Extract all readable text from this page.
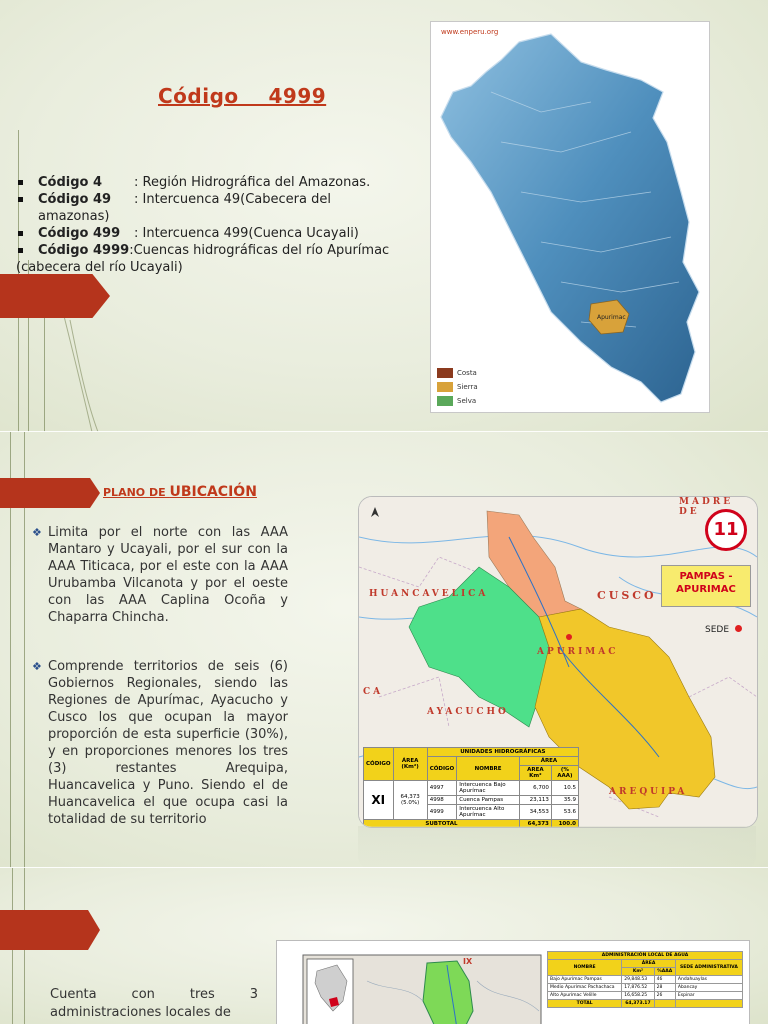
Código    4999
Código 4 : Región Hidrográfica del Amazonas.
Código 49 : Intercuenca 49(Cabecera del
amazonas)
Código 499 : Intercuenca 499(Cuenca Ucayali)
Código 4999:Cuencas hidrográficas del río Apurímac
(cabecera del río Ucayali)
www.enperu.org
Apurimac
Costa
Sierra
Selva
PLANO DE UBICACIÓN
❖ Limita por el norte con las AAA Mantaro y Ucayali, por el sur con la AAA Titicaca, por el este con la AAA Urubamba Vilcanota y por el oeste con las AAA Caplina Ocoña y Chaparra Chincha.
❖ Comprende territorios de seis (6) Gobiernos Regionales, siendo las Regiones de Apurímac, Ayacucho y Cusco los que ocupan la mayor proporción de esta superficie (30%), y en proporciones menores los tres (3) restantes Arequipa, Huancavelica y Puno. Siendo el de Huancavelica el que ocupa casi la totalidad de su territorio
HUANCAVELICA	CUSCO
APURIMAC
AYACUCHO
AREQUIPA
MADRE DE
CA
11
PAMPAS -
APURIMAC
SEDE
CÓDIGO	ÁREA (Km²)	UNIDADES HIDROGRÁFICAS			
		CÓDIGO	NOMBRE	ÁREA	
				AREA Km²	(% AAA)
XI	64,373
(5.0%)	4997	Intercuenca Bajo Apurímac	6,700	10.5
		4998	Cuenca Pampas	23,113	35.9
		4999	Intercuenca Alto Apurímac	34,553	53.6
SUBTOTAL				64,373	100.0
Cuenta con tres 3 administraciones locales de
IX
ADMINISTRACIÓN LOCAL DE AGUA			
NOMBRE	ÁREA		SEDE ADMINISTRATIVA
	Km²	%AAA	
Bajo Apurímac Pampas	29,848.53	46	Andahuaylas
Medio Apurímac Pachachaca	17,876.52	28	Abancay
Alto Apurímac Velille	16,658.25	26	Espinar
TOTAL	64,373.17		
